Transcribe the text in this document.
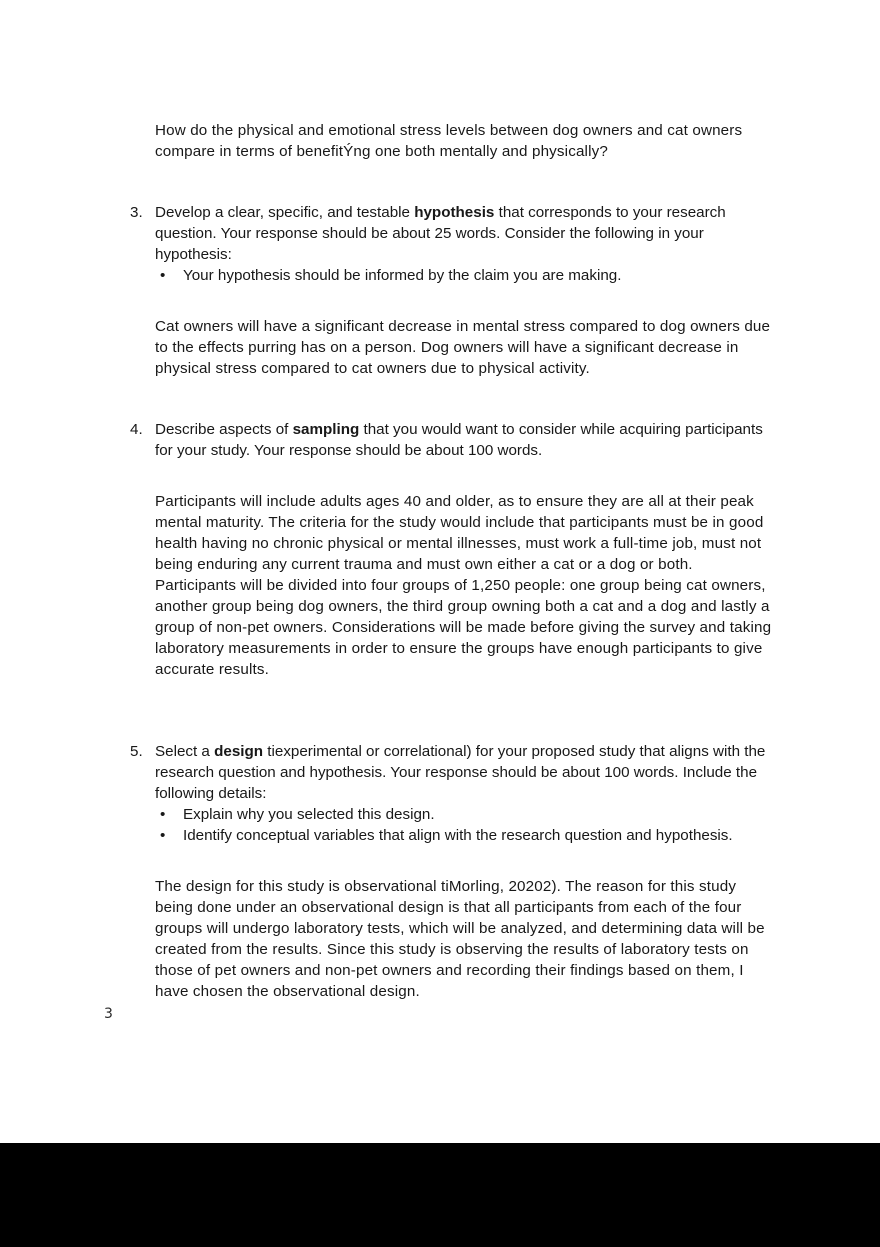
How do the physical and emotional stress levels between dog owners and cat owners compare in terms of benefitÝng one both mentally and physically?

3. Develop a clear, specific, and testable hypothesis that corresponds to your research question. Your response should be about 25 words. Consider the following in your hypothesis:
• Your hypothesis should be informed by the claim you are making.

Cat owners will have a significant decrease in mental stress compared to dog owners due to the effects purring has on a person. Dog owners will have a significant decrease in physical stress compared to cat owners due to physical activity.

4. Describe aspects of sampling that you would want to consider while acquiring participants for your study. Your response should be about 100 words.

Participants will include adults ages 40 and older, as to ensure they are all at their peak mental maturity. The criteria for the study would include that participants must be in good health having no chronic physical or mental illnesses, must work a full-time job, must not being enduring any current trauma and must own either a cat or a dog or both. Participants will be divided into four groups of 1,250 people: one group being cat owners, another group being dog owners, the third group owning both a cat and a dog and lastly a group of non-pet owners. Considerations will be made before giving the survey and taking laboratory measurements in order to ensure the groups have enough participants to give accurate results.

5. Select a design tiexperimental or correlational) for your proposed study that aligns with the research question and hypothesis. Your response should be about 100 words. Include the following details:
• Explain why you selected this design.
• Identify conceptual variables that align with the research question and hypothesis.

The design for this study is observational tiMorling, 20202). The reason for this study being done under an observational design is that all participants from each of the four groups will undergo laboratory tests, which will be analyzed, and determining data will be created from the results. Since this study is observing the results of laboratory tests on those of pet owners and non-pet owners and recording their findings based on them, I have chosen the observational design.

3
